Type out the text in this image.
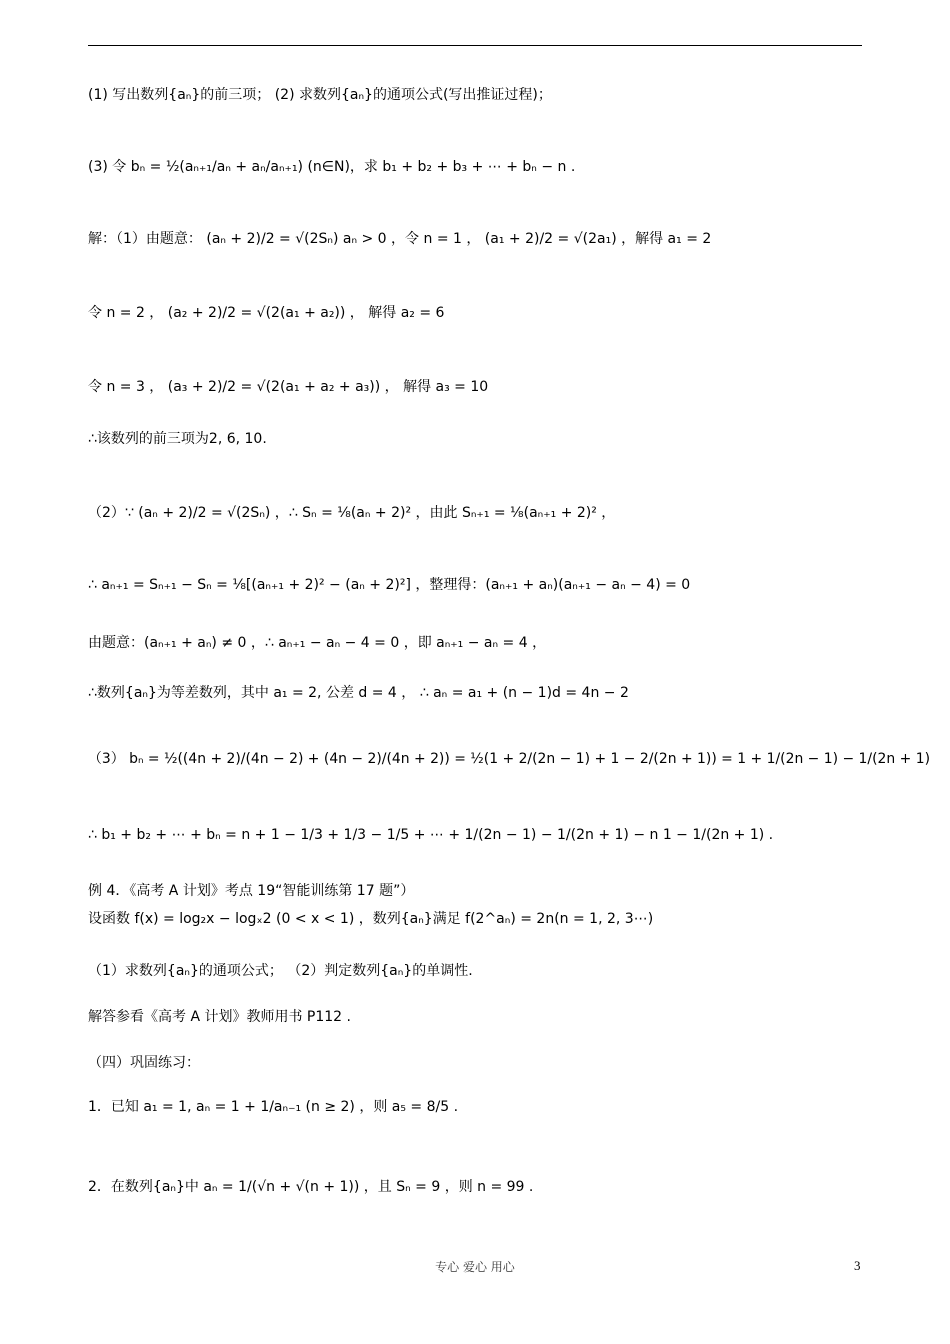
(1) 写出数列{aₙ}的前三项； (2) 求数列{aₙ}的通项公式(写出推证过程)；
(3) 令 bₙ = ½(aₙ₊₁/aₙ + aₙ/aₙ₊₁) (n∈N)，求 b₁ + b₂ + b₃ + ⋯ + bₙ − n .
解：（1）由题意： (aₙ + 2)/2 = √(2Sₙ) aₙ > 0 ，令 n = 1 ， (a₁ + 2)/2 = √(2a₁) ，解得 a₁ = 2
令 n = 2 ， (a₂ + 2)/2 = √(2(a₁ + a₂)) ， 解得 a₂ = 6
令 n = 3 ， (a₃ + 2)/2 = √(2(a₁ + a₂ + a₃)) ， 解得 a₃ = 10
∴该数列的前三项为2, 6, 10.
（2）∵ (aₙ + 2)/2 = √(2Sₙ) ，∴ Sₙ = ⅛(aₙ + 2)² ，由此 Sₙ₊₁ = ⅛(aₙ₊₁ + 2)² ，
∴ aₙ₊₁ = Sₙ₊₁ − Sₙ = ⅛[(aₙ₊₁ + 2)² − (aₙ + 2)²] ，整理得：(aₙ₊₁ + aₙ)(aₙ₊₁ − aₙ − 4) = 0
由题意：(aₙ₊₁ + aₙ) ≠ 0 ，∴ aₙ₊₁ − aₙ − 4 = 0 ，即 aₙ₊₁ − aₙ = 4 ，
∴数列{aₙ}为等差数列，其中 a₁ = 2, 公差 d = 4 ， ∴ aₙ = a₁ + (n − 1)d = 4n − 2
（3） bₙ = ½((4n + 2)/(4n − 2) + (4n − 2)/(4n + 2)) = ½(1 + 2/(2n − 1) + 1 − 2/(2n + 1)) = 1 + 1/(2n − 1) − 1/(2n + 1)
∴ b₁ + b₂ + ⋯ + bₙ = n + 1 − 1/3 + 1/3 − 1/5 + ⋯ + 1/(2n − 1) − 1/(2n + 1) − n 1 − 1/(2n + 1) .
例 4．《高考 A 计划》考点 19“智能训练第 17 题”）
设函数 f(x) = log₂x − logₓ2 (0 < x < 1) ，数列{aₙ}满足 f(2^aₙ) = 2n(n = 1, 2, 3⋯)
（1）求数列{aₙ}的通项公式； （2）判定数列{aₙ}的单调性.
解答参看《高考 A 计划》教师用书 P112 .
（四）巩固练习：
1．已知 a₁ = 1, aₙ = 1 + 1/aₙ₋₁ (n ≥ 2) ，则 a₅ = 8/5 .
2．在数列{aₙ}中 aₙ = 1/(√n + √(n + 1)) ，且 Sₙ = 9 ，则 n = 99 .
专心 爱心 用心	3
